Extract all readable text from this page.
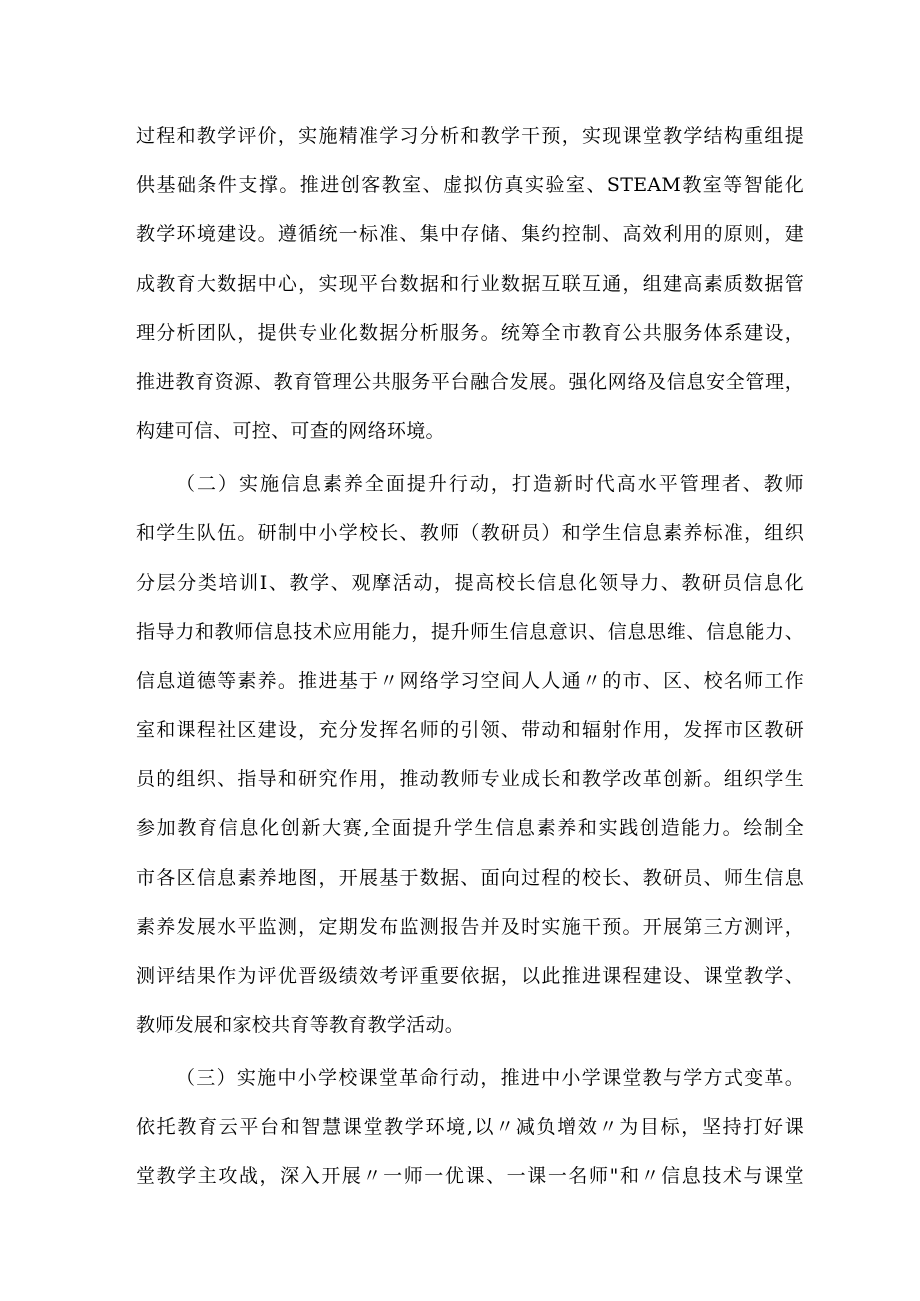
过程和教学评价，实施精准学习分析和教学干预，实现课堂教学结构重组提
供基础条件支撑。推进创客教室、虚拟仿真实验室、STEAM教室等智能化
教学环境建设。遵循统一标准、集中存储、集约控制、高效利用的原则，建
成教育大数据中心，实现平台数据和行业数据互联互通，组建高素质数据管
理分析团队，提供专业化数据分析服务。统筹全市教育公共服务体系建设，
推进教育资源、教育管理公共服务平台融合发展。强化网络及信息安全管理，
构建可信、可控、可查的网络环境。
（二）实施信息素养全面提升行动，打造新时代高水平管理者、教师
和学生队伍。研制中小学校长、教师（教研员）和学生信息素养标准，组织
分层分类培训Ⅰ、教学、观摩活动，提高校长信息化领导力、教研员信息化
指导力和教师信息技术应用能力，提升师生信息意识、信息思维、信息能力、
信息道德等素养。推进基于〃网络学习空间人人通〃的市、区、校名师工作
室和课程社区建设，充分发挥名师的引领、带动和辐射作用，发挥市区教研
员的组织、指导和研究作用，推动教师专业成长和教学改革创新。组织学生
参加教育信息化创新大赛,全面提升学生信息素养和实践创造能力。绘制全
市各区信息素养地图，开展基于数据、面向过程的校长、教研员、师生信息
素养发展水平监测，定期发布监测报告并及时实施干预。开展第三方测评，
测评结果作为评优晋级绩效考评重要依据，以此推进课程建设、课堂教学、
教师发展和家校共育等教育教学活动。
（三）实施中小学校课堂革命行动，推进中小学课堂教与学方式变革。
依托教育云平台和智慧课堂教学环境,以〃减负增效〃为目标，坚持打好课
堂教学主攻战，深入开展〃一师一优课、一课一名师"和〃信息技术与课堂
